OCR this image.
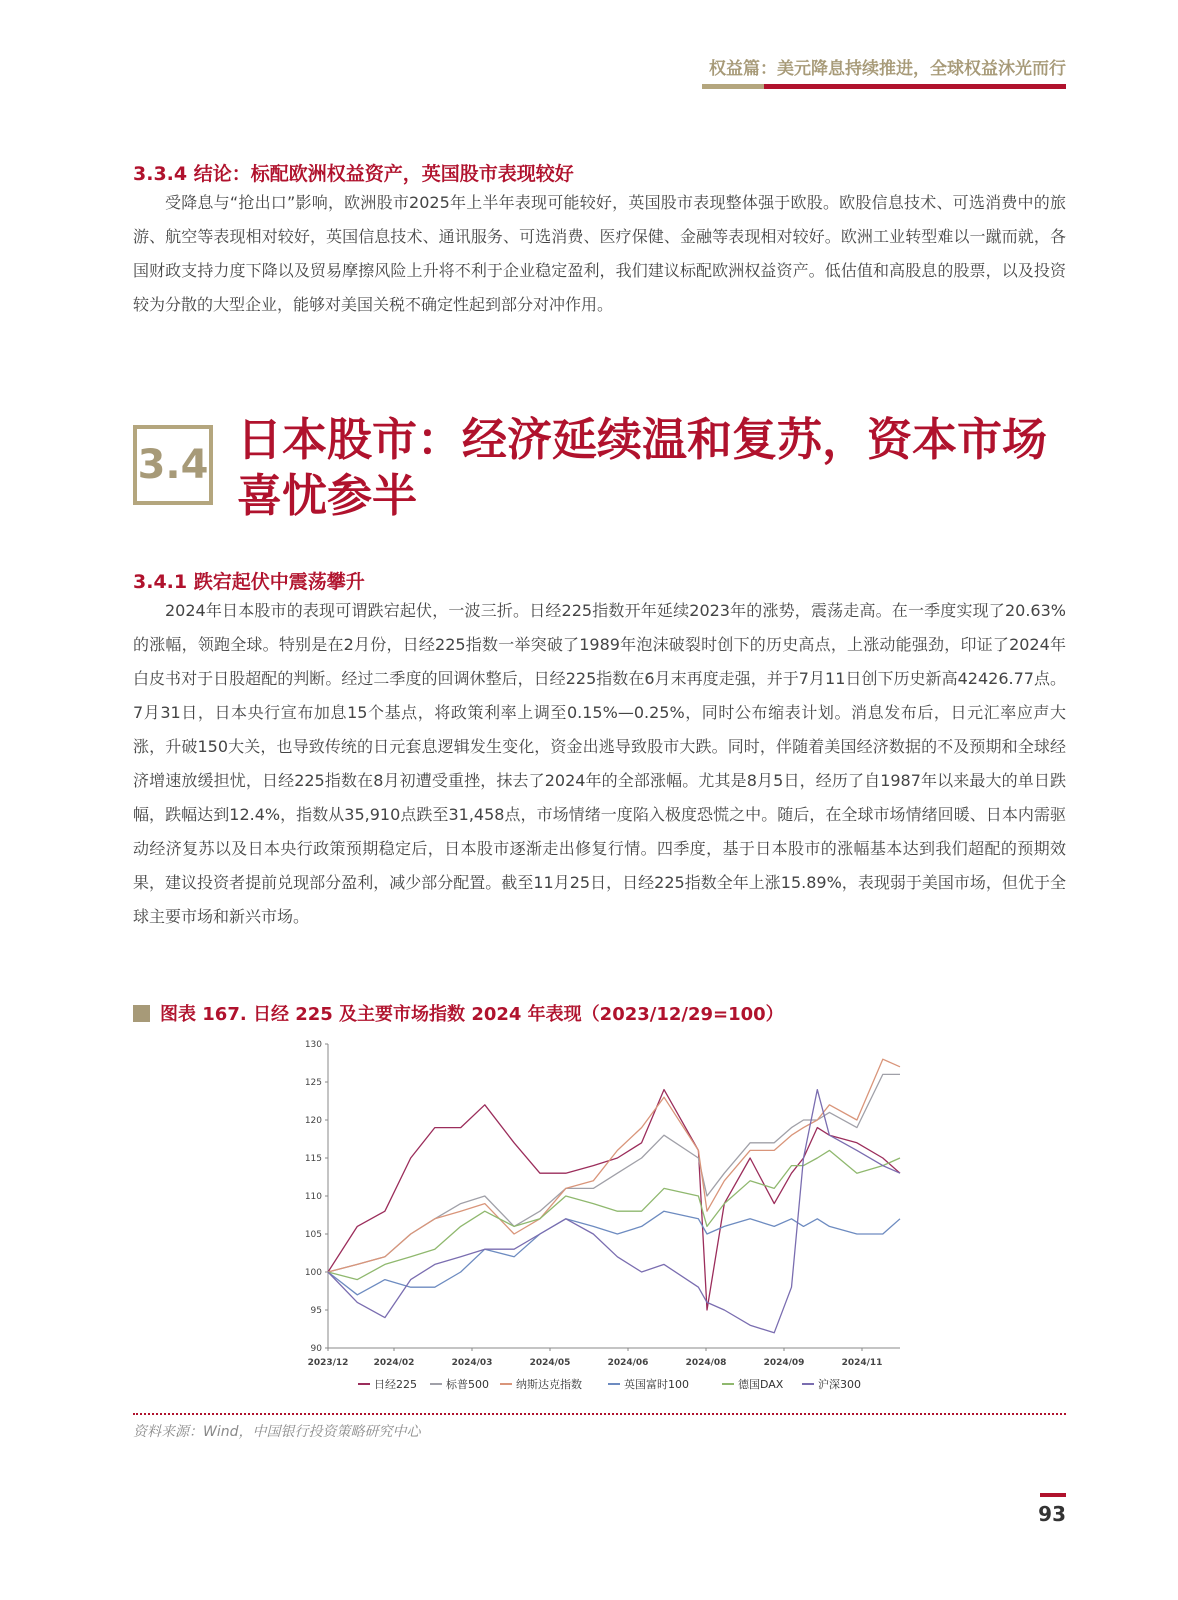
权益篇：美元降息持续推进，全球权益沐光而行
3.3.4 结论：标配欧洲权益资产，英国股市表现较好

受降息与“抢出口”影响，欧洲股市2025年上半年表现可能较好，英国股市表现整体强于欧股。欧股信息技术、可选消费中的旅游、航空等表现相对较好，英国信息技术、通讯服务、可选消费、医疗保健、金融等表现相对较好。欧洲工业转型难以一蹴而就，各国财政支持力度下降以及贸易摩擦风险上升将不利于企业稳定盈利，我们建议标配欧洲权益资产。低估值和高股息的股票，以及投资较为分散的大型企业，能够对美国关税不确定性起到部分对冲作用。

3.4 日本股市：经济延续温和复苏，资本市场喜忧参半
3.4.1 跌宕起伏中震荡攀升

2024年日本股市的表现可谓跌宕起伏，一波三折。日经225指数开年延续2023年的涨势，震荡走高。在一季度实现了20.63%的涨幅，领跑全球。特别是在2月份，日经225指数一举突破了1989年泡沫破裂时创下的历史高点，上涨动能强劲，印证了2024年白皮书对于日股超配的判断。经过二季度的回调休整后，日经225指数在6月末再度走强，并于7月11日创下历史新高42426.77点。7月31日，日本央行宣布加息15个基点，将政策利率上调至0.15%—0.25%，同时公布缩表计划。消息发布后，日元汇率应声大涨，升破150大关，也导致传统的日元套息逻辑发生变化，资金出逃导致股市大跌。同时，伴随着美国经济数据的不及预期和全球经济增速放缓担忧，日经225指数在8月初遭受重挫，抹去了2024年的全部涨幅。尤其是8月5日，经历了自1987年以来最大的单日跌幅，跌幅达到12.4%，指数从35,910点跌至31,458点，市场情绪一度陷入极度恐慌之中。随后，在全球市场情绪回暖、日本内需驱动经济复苏以及日本央行政策预期稳定后，日本股市逐渐走出修复行情。四季度，基于日本股市的涨幅基本达到我们超配的预期效果，建议投资者提前兑现部分盈利，减少部分配置。截至11月25日，日经225指数全年上涨15.89%，表现弱于美国市场，但优于全球主要市场和新兴市场。

图表 167. 日经 225 及主要市场指数 2024 年表现（2023/12/29=100）
90
95
100
105
110
115
120
125
130
2023/12	2024/02	2024/03	2024/05	2024/06	2024/08	2024/09	2024/11
日经225	标普500 纳斯达克指数	英国富时100	德国DAX	沪深300
资料来源：Wind，中国银行投资策略研究中心
93
